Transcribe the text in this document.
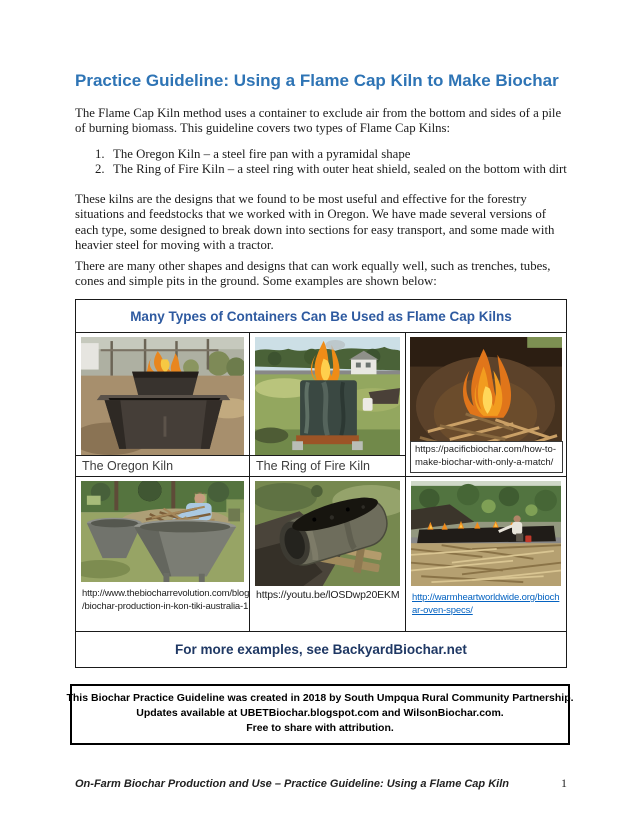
Practice Guideline: Using a Flame Cap Kiln to Make Biochar
The Flame Cap Kiln method uses a container to exclude air from the bottom and sides of a pile of burning biomass. This guideline covers two types of Flame Cap Kilns:
1. The Oregon Kiln – a steel fire pan with a pyramidal shape
2. The Ring of Fire Kiln – a steel ring with outer heat shield, sealed on the bottom with dirt
These kilns are the designs that we found to be most useful and effective for the forestry situations and feedstocks that we worked with in Oregon. We have made several versions of each type, some designed to break down into sections for easy transport, and some made with heavier steel for moving with a tractor.
There are many other shapes and designs that can work equally well, such as trenches, tubes, cones and simple pits in the ground. Some examples are shown below:
Many Types of Containers Can Be Used as Flame Cap Kilns
The Oregon Kiln	The Ring of Fire Kiln
https://pacificbiochar.com/how-to-
make-biochar-with-only-a-match/
http://www.thebiocharrevolution.com/blog
/biochar-production-in-kon-tiki-australia-1
https://youtu.be/lOSDwp20EKM	http://warmheartworldwide.org/bioch ar-oven-specs/
For more examples, see BackyardBiochar.net
This Biochar Practice Guideline was created in 2018 by South Umpqua Rural Community Partnership.
Updates available at UBETBiochar.blogspot.com and WilsonBiochar.com.
Free to share with attribution.
On-Farm Biochar Production and Use – Practice Guideline: Using a Flame Cap Kiln	1
